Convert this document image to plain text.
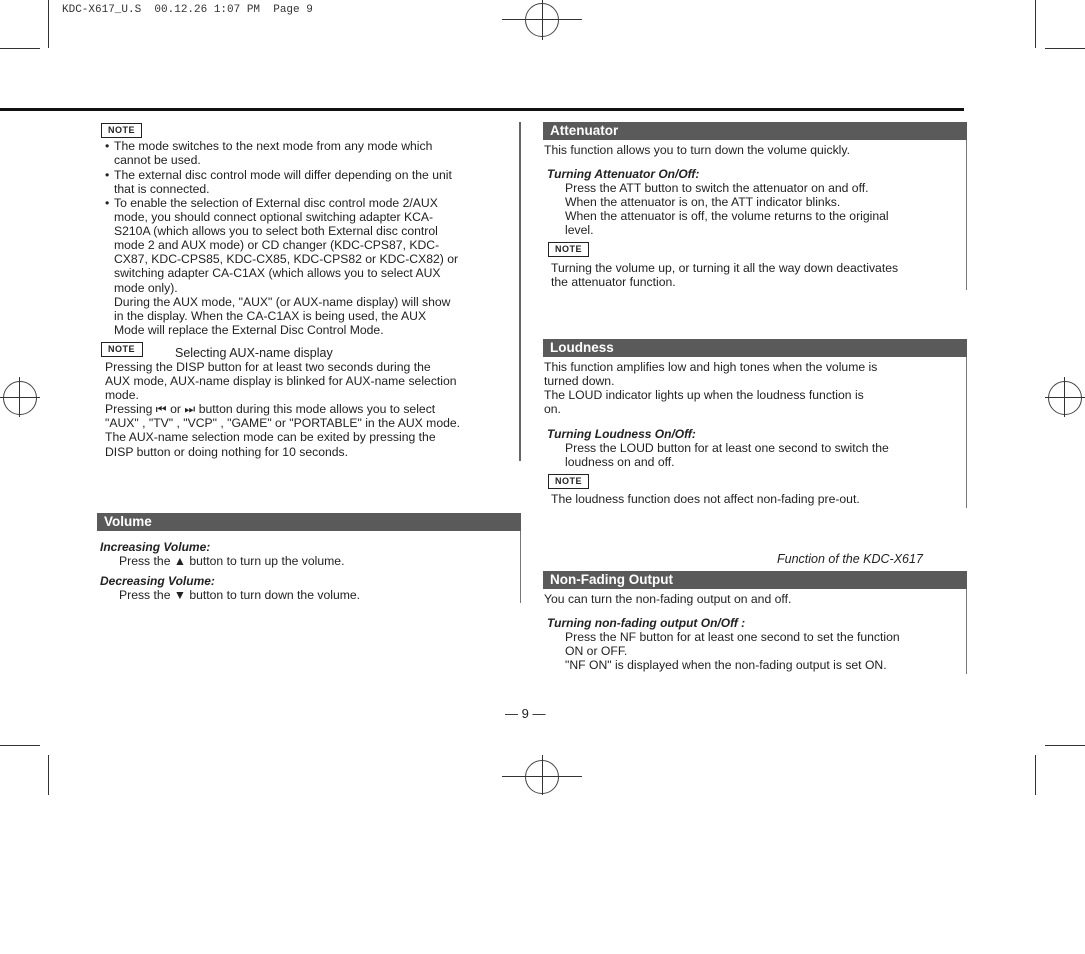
KDC-X617_U.S  00.12.26 1:07 PM  Page 9
NOTE
• The mode switches to the next mode from any mode which
cannot be used.
• The external disc control mode will differ depending on the unit
that is connected.
• To enable the selection of External disc control mode 2/AUX
mode, you should connect optional switching adapter KCA-
S210A (which allows you to select both External disc control
mode 2 and AUX mode) or CD changer (KDC-CPS87, KDC-
CX87, KDC-CPS85, KDC-CX85, KDC-CPS82 or KDC-CX82) or
switching adapter CA-C1AX (which allows you to select AUX
mode only).
During the AUX mode, "AUX" (or AUX-name display) will show
in the display. When the CA-C1AX is being used, the AUX
Mode will replace the External Disc Control Mode.
NOTE	Selecting AUX-name display
Pressing the DISP button for at least two seconds during the
AUX mode, AUX-name display is blinked for AUX-name selection
mode.
Pressing ⏮ or ⏭ button during this mode allows you to select
"AUX" , "TV" , "VCP" , "GAME" or "PORTABLE" in the AUX mode.
The AUX-name selection mode can be exited by pressing the
DISP button or doing nothing for 10 seconds.
Volume
Increasing Volume:
Press the ▲ button to turn up the volume.
Decreasing Volume:
Press the ▼ button to turn down the volume.
Attenuator
This function allows you to turn down the volume quickly.
Turning Attenuator On/Off:
Press the ATT button to switch the attenuator on and off.
When the attenuator is on, the ATT indicator blinks.
When the attenuator is off, the volume returns to the original
level.
NOTE
Turning the volume up, or turning it all the way down deactivates
the attenuator function.
Loudness
This function amplifies low and high tones when the volume is
turned down.
The LOUD indicator lights up when the loudness function is
on.
Turning Loudness On/Off:
Press the LOUD button for at least one second to switch the
loudness on and off.
NOTE
The loudness function does not affect non-fading pre-out.
Function of the KDC-X617
Non-Fading Output
You can turn the non-fading output on and off.
Turning non-fading output On/Off :
Press the NF button for at least one second to set the function
ON or OFF.
"NF ON" is displayed when the non-fading output is set ON.
— 9 —
